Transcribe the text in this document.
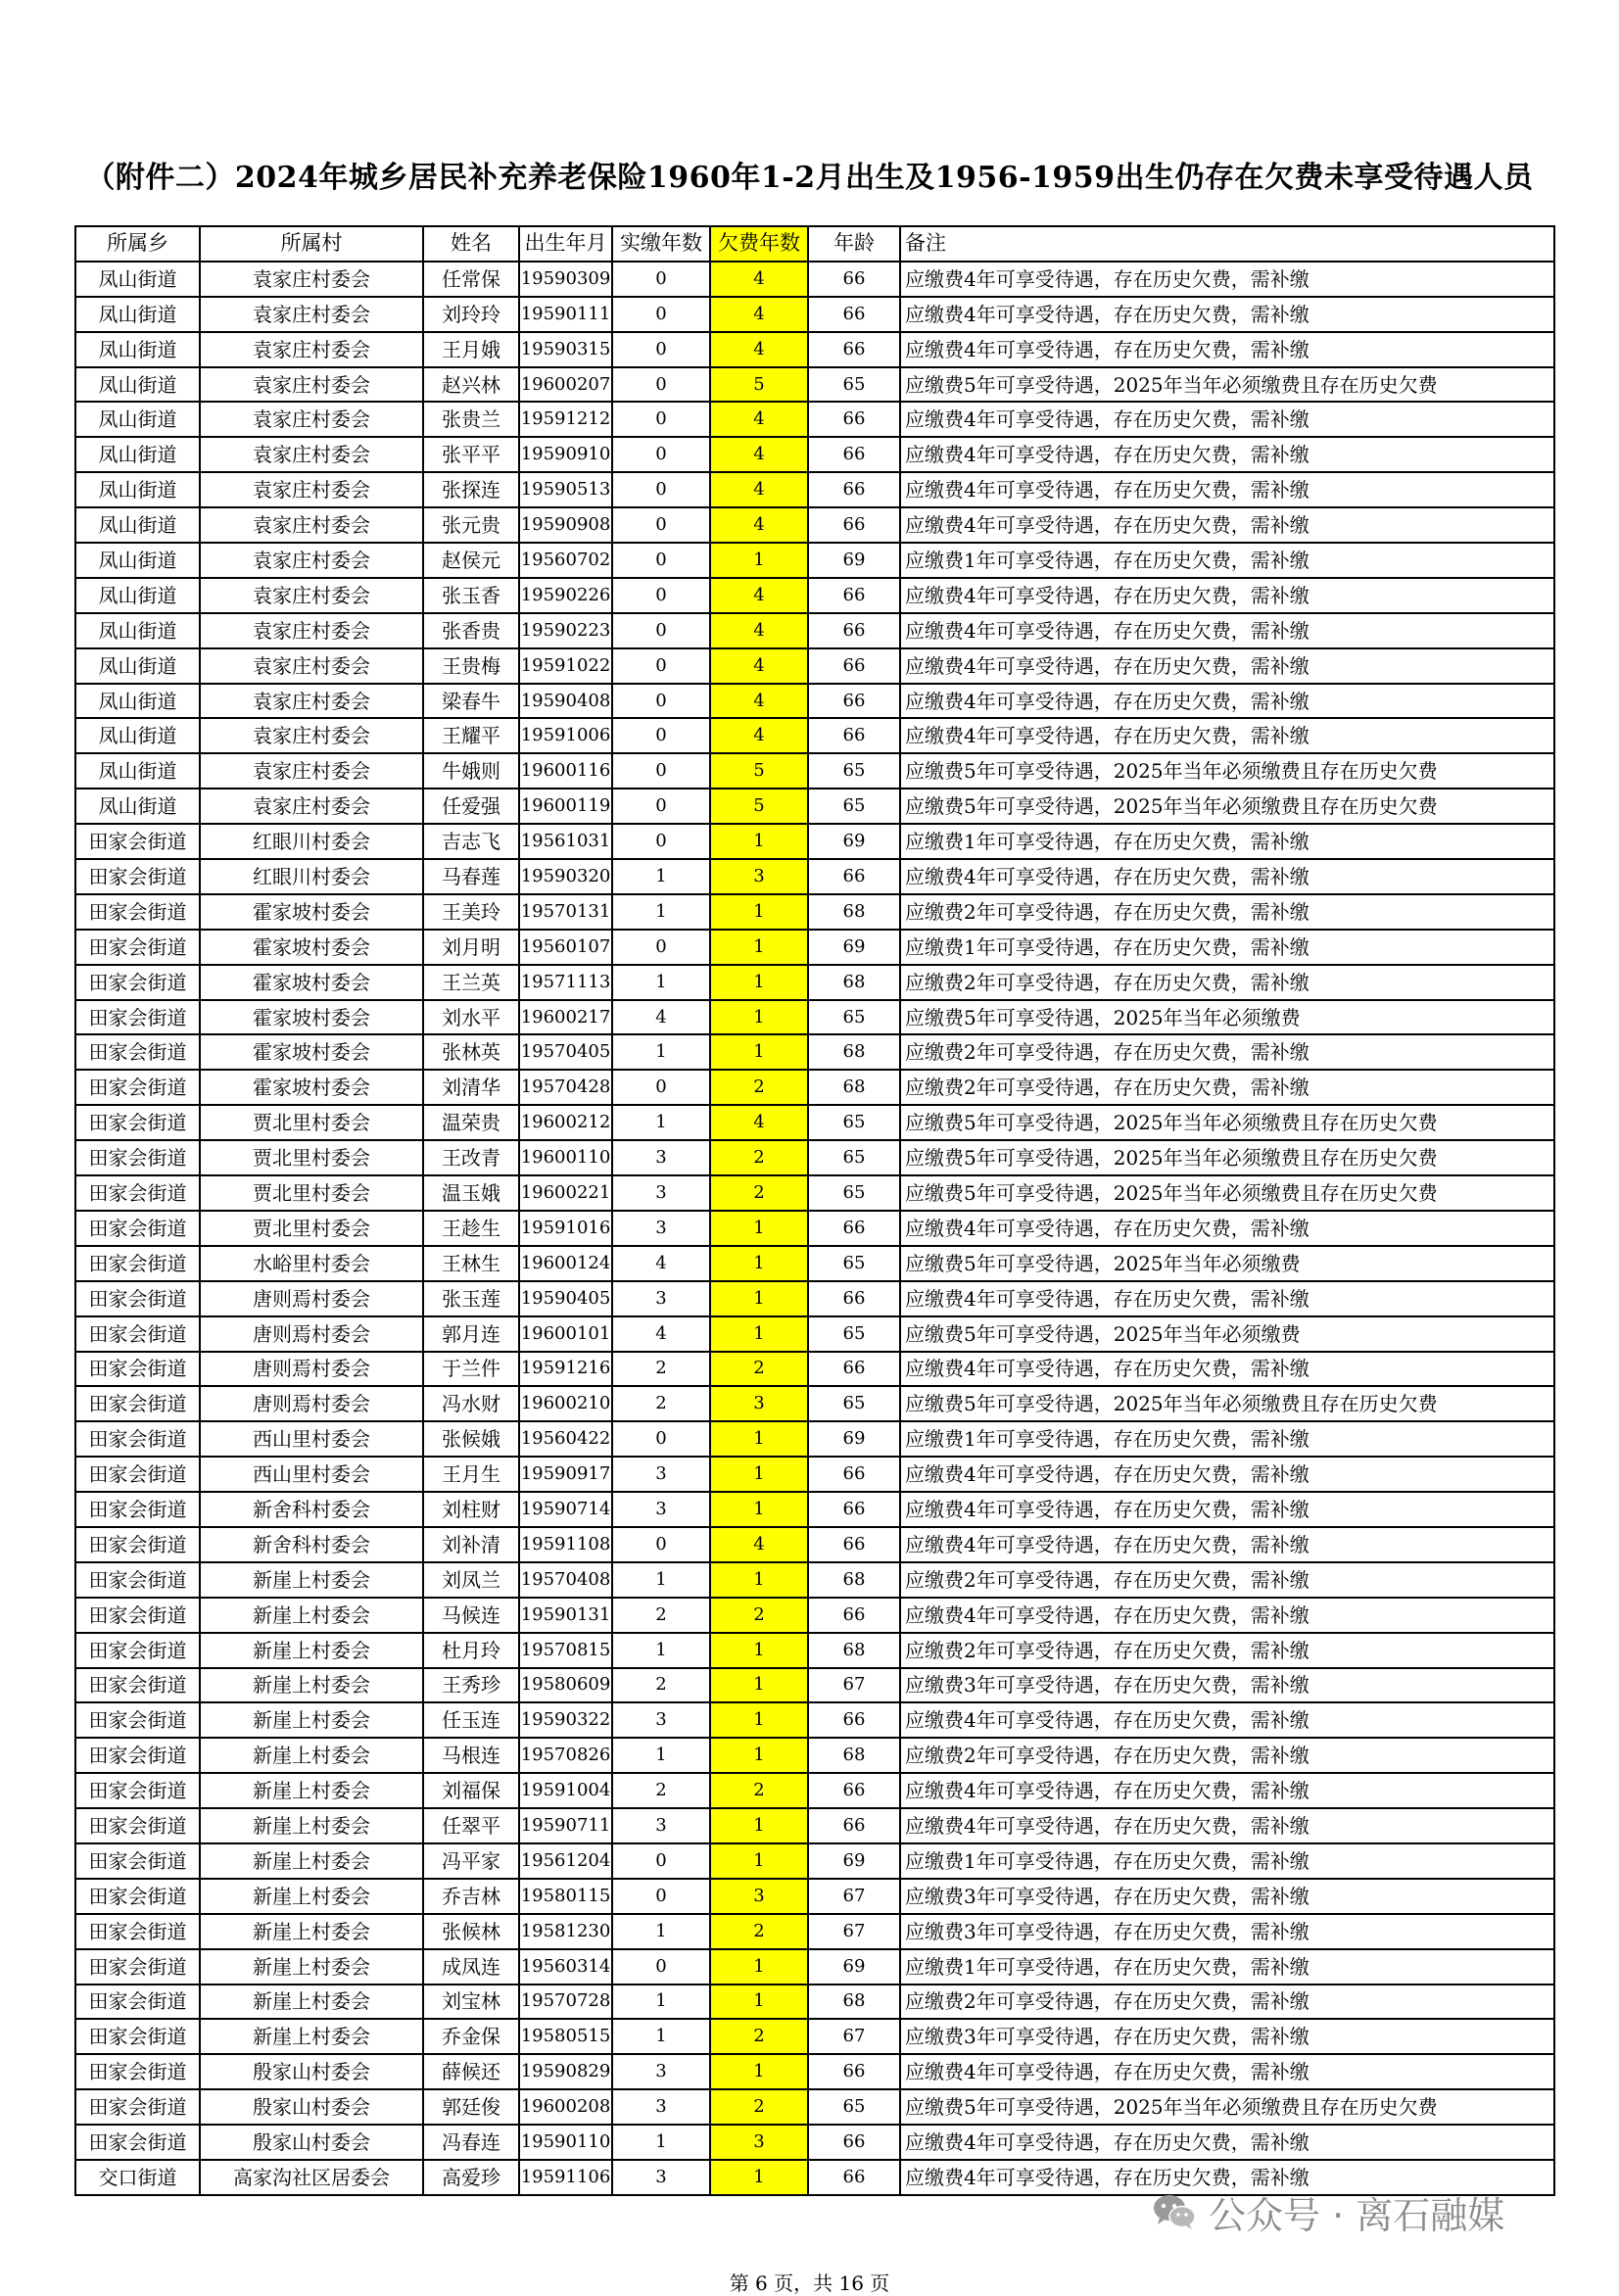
（附件二）2024年城乡居民补充养老保险1960年1-2月出生及1956-1959出生仍存在欠费未享受待遇人员
所属乡	所属村	姓名	出生年月	实缴年数	欠费年数	年龄	备注
凤山街道	袁家庄村委会	任常保	19590309	0	4	66	应缴费4年可享受待遇，存在历史欠费，需补缴
凤山街道	袁家庄村委会	刘玲玲	19590111	0	4	66	应缴费4年可享受待遇，存在历史欠费，需补缴
凤山街道	袁家庄村委会	王月娥	19590315	0	4	66	应缴费4年可享受待遇，存在历史欠费，需补缴
凤山街道	袁家庄村委会	赵兴林	19600207	0	5	65	应缴费5年可享受待遇，2025年当年必须缴费且存在历史欠费
凤山街道	袁家庄村委会	张贵兰	19591212	0	4	66	应缴费4年可享受待遇，存在历史欠费，需补缴
凤山街道	袁家庄村委会	张平平	19590910	0	4	66	应缴费4年可享受待遇，存在历史欠费，需补缴
凤山街道	袁家庄村委会	张探连	19590513	0	4	66	应缴费4年可享受待遇，存在历史欠费，需补缴
凤山街道	袁家庄村委会	张元贵	19590908	0	4	66	应缴费4年可享受待遇，存在历史欠费，需补缴
凤山街道	袁家庄村委会	赵侯元	19560702	0	1	69	应缴费1年可享受待遇，存在历史欠费，需补缴
凤山街道	袁家庄村委会	张玉香	19590226	0	4	66	应缴费4年可享受待遇，存在历史欠费，需补缴
凤山街道	袁家庄村委会	张香贵	19590223	0	4	66	应缴费4年可享受待遇，存在历史欠费，需补缴
凤山街道	袁家庄村委会	王贵梅	19591022	0	4	66	应缴费4年可享受待遇，存在历史欠费，需补缴
凤山街道	袁家庄村委会	梁春牛	19590408	0	4	66	应缴费4年可享受待遇，存在历史欠费，需补缴
凤山街道	袁家庄村委会	王耀平	19591006	0	4	66	应缴费4年可享受待遇，存在历史欠费，需补缴
凤山街道	袁家庄村委会	牛娥则	19600116	0	5	65	应缴费5年可享受待遇，2025年当年必须缴费且存在历史欠费
凤山街道	袁家庄村委会	任爱强	19600119	0	5	65	应缴费5年可享受待遇，2025年当年必须缴费且存在历史欠费
田家会街道	红眼川村委会	吉志飞	19561031	0	1	69	应缴费1年可享受待遇，存在历史欠费，需补缴
田家会街道	红眼川村委会	马春莲	19590320	1	3	66	应缴费4年可享受待遇，存在历史欠费，需补缴
田家会街道	霍家坡村委会	王美玲	19570131	1	1	68	应缴费2年可享受待遇，存在历史欠费，需补缴
田家会街道	霍家坡村委会	刘月明	19560107	0	1	69	应缴费1年可享受待遇，存在历史欠费，需补缴
田家会街道	霍家坡村委会	王兰英	19571113	1	1	68	应缴费2年可享受待遇，存在历史欠费，需补缴
田家会街道	霍家坡村委会	刘水平	19600217	4	1	65	应缴费5年可享受待遇，2025年当年必须缴费
田家会街道	霍家坡村委会	张林英	19570405	1	1	68	应缴费2年可享受待遇，存在历史欠费，需补缴
田家会街道	霍家坡村委会	刘清华	19570428	0	2	68	应缴费2年可享受待遇，存在历史欠费，需补缴
田家会街道	贾北里村委会	温荣贵	19600212	1	4	65	应缴费5年可享受待遇，2025年当年必须缴费且存在历史欠费
田家会街道	贾北里村委会	王改青	19600110	3	2	65	应缴费5年可享受待遇，2025年当年必须缴费且存在历史欠费
田家会街道	贾北里村委会	温玉娥	19600221	3	2	65	应缴费5年可享受待遇，2025年当年必须缴费且存在历史欠费
田家会街道	贾北里村委会	王趁生	19591016	3	1	66	应缴费4年可享受待遇，存在历史欠费，需补缴
田家会街道	水峪里村委会	王林生	19600124	4	1	65	应缴费5年可享受待遇，2025年当年必须缴费
田家会街道	唐则焉村委会	张玉莲	19590405	3	1	66	应缴费4年可享受待遇，存在历史欠费，需补缴
田家会街道	唐则焉村委会	郭月连	19600101	4	1	65	应缴费5年可享受待遇，2025年当年必须缴费
田家会街道	唐则焉村委会	于兰件	19591216	2	2	66	应缴费4年可享受待遇，存在历史欠费，需补缴
田家会街道	唐则焉村委会	冯水财	19600210	2	3	65	应缴费5年可享受待遇，2025年当年必须缴费且存在历史欠费
田家会街道	西山里村委会	张候娥	19560422	0	1	69	应缴费1年可享受待遇，存在历史欠费，需补缴
田家会街道	西山里村委会	王月生	19590917	3	1	66	应缴费4年可享受待遇，存在历史欠费，需补缴
田家会街道	新舍科村委会	刘柱财	19590714	3	1	66	应缴费4年可享受待遇，存在历史欠费，需补缴
田家会街道	新舍科村委会	刘补清	19591108	0	4	66	应缴费4年可享受待遇，存在历史欠费，需补缴
田家会街道	新崖上村委会	刘凤兰	19570408	1	1	68	应缴费2年可享受待遇，存在历史欠费，需补缴
田家会街道	新崖上村委会	马候连	19590131	2	2	66	应缴费4年可享受待遇，存在历史欠费，需补缴
田家会街道	新崖上村委会	杜月玲	19570815	1	1	68	应缴费2年可享受待遇，存在历史欠费，需补缴
田家会街道	新崖上村委会	王秀珍	19580609	2	1	67	应缴费3年可享受待遇，存在历史欠费，需补缴
田家会街道	新崖上村委会	任玉连	19590322	3	1	66	应缴费4年可享受待遇，存在历史欠费，需补缴
田家会街道	新崖上村委会	马根连	19570826	1	1	68	应缴费2年可享受待遇，存在历史欠费，需补缴
田家会街道	新崖上村委会	刘福保	19591004	2	2	66	应缴费4年可享受待遇，存在历史欠费，需补缴
田家会街道	新崖上村委会	任翠平	19590711	3	1	66	应缴费4年可享受待遇，存在历史欠费，需补缴
田家会街道	新崖上村委会	冯平家	19561204	0	1	69	应缴费1年可享受待遇，存在历史欠费，需补缴
田家会街道	新崖上村委会	乔吉林	19580115	0	3	67	应缴费3年可享受待遇，存在历史欠费，需补缴
田家会街道	新崖上村委会	张候林	19581230	1	2	67	应缴费3年可享受待遇，存在历史欠费，需补缴
田家会街道	新崖上村委会	成凤连	19560314	0	1	69	应缴费1年可享受待遇，存在历史欠费，需补缴
田家会街道	新崖上村委会	刘宝林	19570728	1	1	68	应缴费2年可享受待遇，存在历史欠费，需补缴
田家会街道	新崖上村委会	乔金保	19580515	1	2	67	应缴费3年可享受待遇，存在历史欠费，需补缴
田家会街道	殷家山村委会	薛候还	19590829	3	1	66	应缴费4年可享受待遇，存在历史欠费，需补缴
田家会街道	殷家山村委会	郭廷俊	19600208	3	2	65	应缴费5年可享受待遇，2025年当年必须缴费且存在历史欠费
田家会街道	殷家山村委会	冯春连	19590110	1	3	66	应缴费4年可享受待遇，存在历史欠费，需补缴
交口街道	高家沟社区居委会	高爱珍	19591106	3	1	66	应缴费4年可享受待遇，存在历史欠费，需补缴
第 6 页，共 16 页
公众号 · 离石融媒
